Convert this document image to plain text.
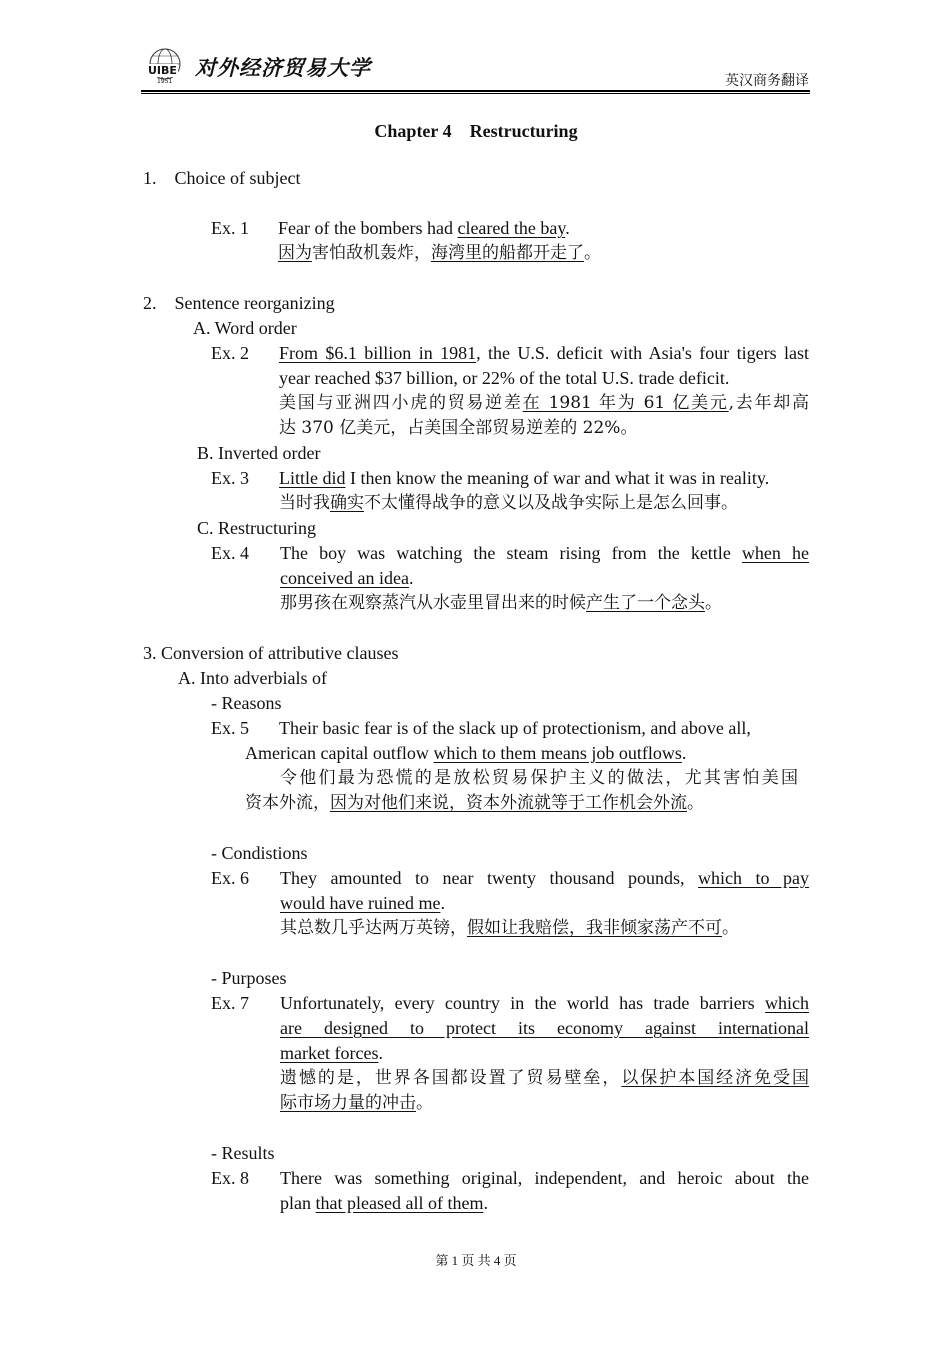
UIBE
1951
对外经济贸易大学
英汉商务翻译
Chapter 4　Restructuring
1.　Choice of subject
Ex. 1 Fear of the bombers had cleared the bay.
因为害怕敌机轰炸，海湾里的船都开走了。
2.　Sentence reorganizing
A. Word order
Ex. 2 From $6.1 billion in 1981, the U.S. deficit with Asia's four tigers last
year reached $37 billion, or 22% of the total U.S. trade deficit.
美国与亚洲四小虎的贸易逆差在 1981 年为 61 亿美元,去年却高
达 370 亿美元，占美国全部贸易逆差的 22%。
B. Inverted order
Ex. 3 Little did I then know the meaning of war and what it was in reality.
当时我确实不太懂得战争的意义以及战争实际上是怎么回事。
C. Restructuring
Ex. 4 The boy was watching the steam rising from the kettle when he
conceived an idea.
那男孩在观察蒸汽从水壶里冒出来的时候产生了一个念头。
3. Conversion of attributive clauses
A. Into adverbials of
- Reasons
Ex. 5 Their basic fear is of the slack up of protectionism, and above all,
American capital outflow which to them means job outflows.
令他们最为恐慌的是放松贸易保护主义的做法，尤其害怕美国
资本外流，因为对他们来说，资本外流就等于工作机会外流。
- Condistions
Ex. 6 They amounted to near twenty thousand pounds, which to pay
would have ruined me.
其总数几乎达两万英镑，假如让我赔偿，我非倾家荡产不可。
- Purposes
Ex. 7 Unfortunately, every country in the world has trade barriers which
are designed to protect its economy against international
market forces.
遗憾的是，世界各国都设置了贸易壁垒，以保护本国经济免受国
际市场力量的冲击。
- Results
Ex. 8 There was something original, independent, and heroic about the
plan that pleased all of them.
第 1 页 共 4 页
